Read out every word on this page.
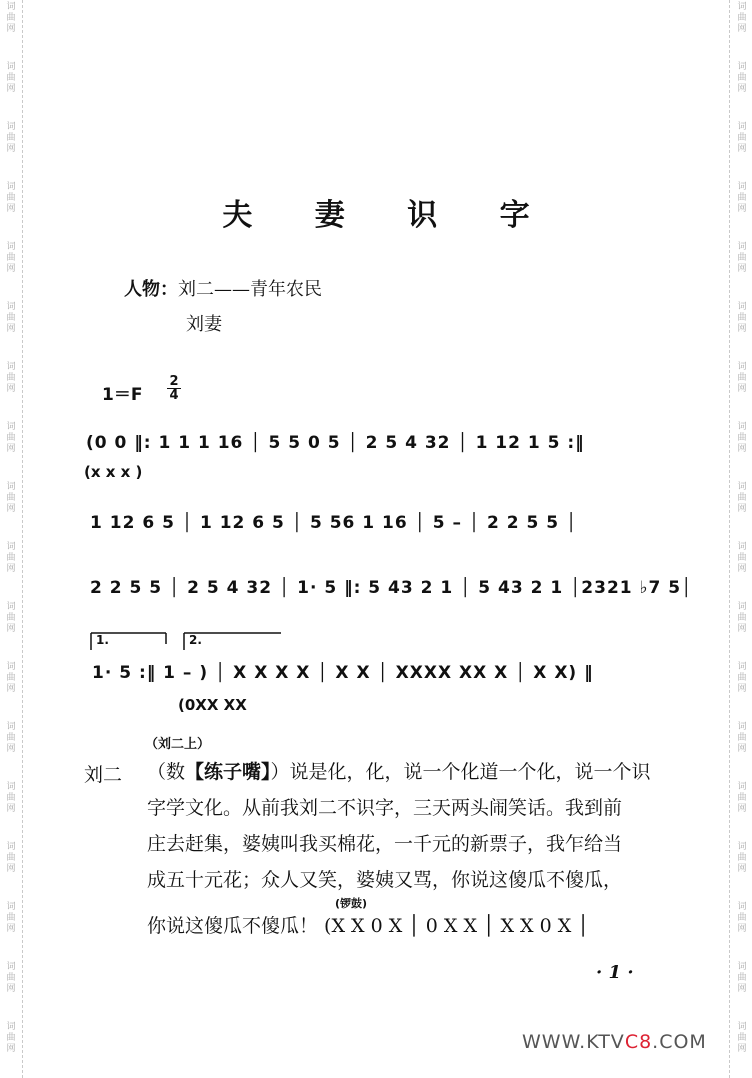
词
曲
网
词
曲
网
词
曲
网
词
曲
网
词
曲
网
词
曲
网
词
曲
网
词
曲
网
词
曲
网
词
曲
网
词
曲
网
词
曲
网
词
曲
网
词
曲
网
词
曲
网
词
曲
网
词
曲
网
词
曲
网
词
曲
网
词
曲
网
词
曲
网
词
曲
网
词
曲
网
词
曲
网
词
曲
网
词
曲
网
词
曲
网
词
曲
网
词
曲
网
词
曲
网
词
曲
网
词
曲
网
词
曲
网
词
曲
网
词
曲
网
词
曲
网
夫 妻 识 字
人物：刘二——青年农民
刘妻
$1=F \frac{2}{4}$
(0 0 ‖: 1 1 1 16 │ 5 5 0 5 │ 2 5 4 32 │ 1 12 1 5 :‖
(x x x )
1 12 6 5 │ 1 12 6 5 │ 5 56 1 16 │ 5 – │ 2 2 5 5 │
2 2 5 5 │ 2 5 4 32 │ 1· 5 ‖: 5 43 2 1 │ 5 43 2 1 │2321 ♭7 5│
1.	2.
1· 5 :‖ 1 – ) │ X X X X │ X X │ XXXX XX X │ X X) ‖
(0XX XX
（刘二上）
刘二 （数【练子嘴】）说是化，化，说一个化道一个化，说一个识
字学文化。从前我刘二不识字，三天两头闹笑话。我到前
庄去赶集，婆姨叫我买棉花，一千元的新票子，我乍给当
成五十元花；众人又笑，婆姨又骂，你说这傻瓜不傻瓜，
(锣鼓)
你说这傻瓜不傻瓜！ (X X 0 X │ 0 X X │ X X 0 X │
· 1 ·
WWW.KTVC8.COM
